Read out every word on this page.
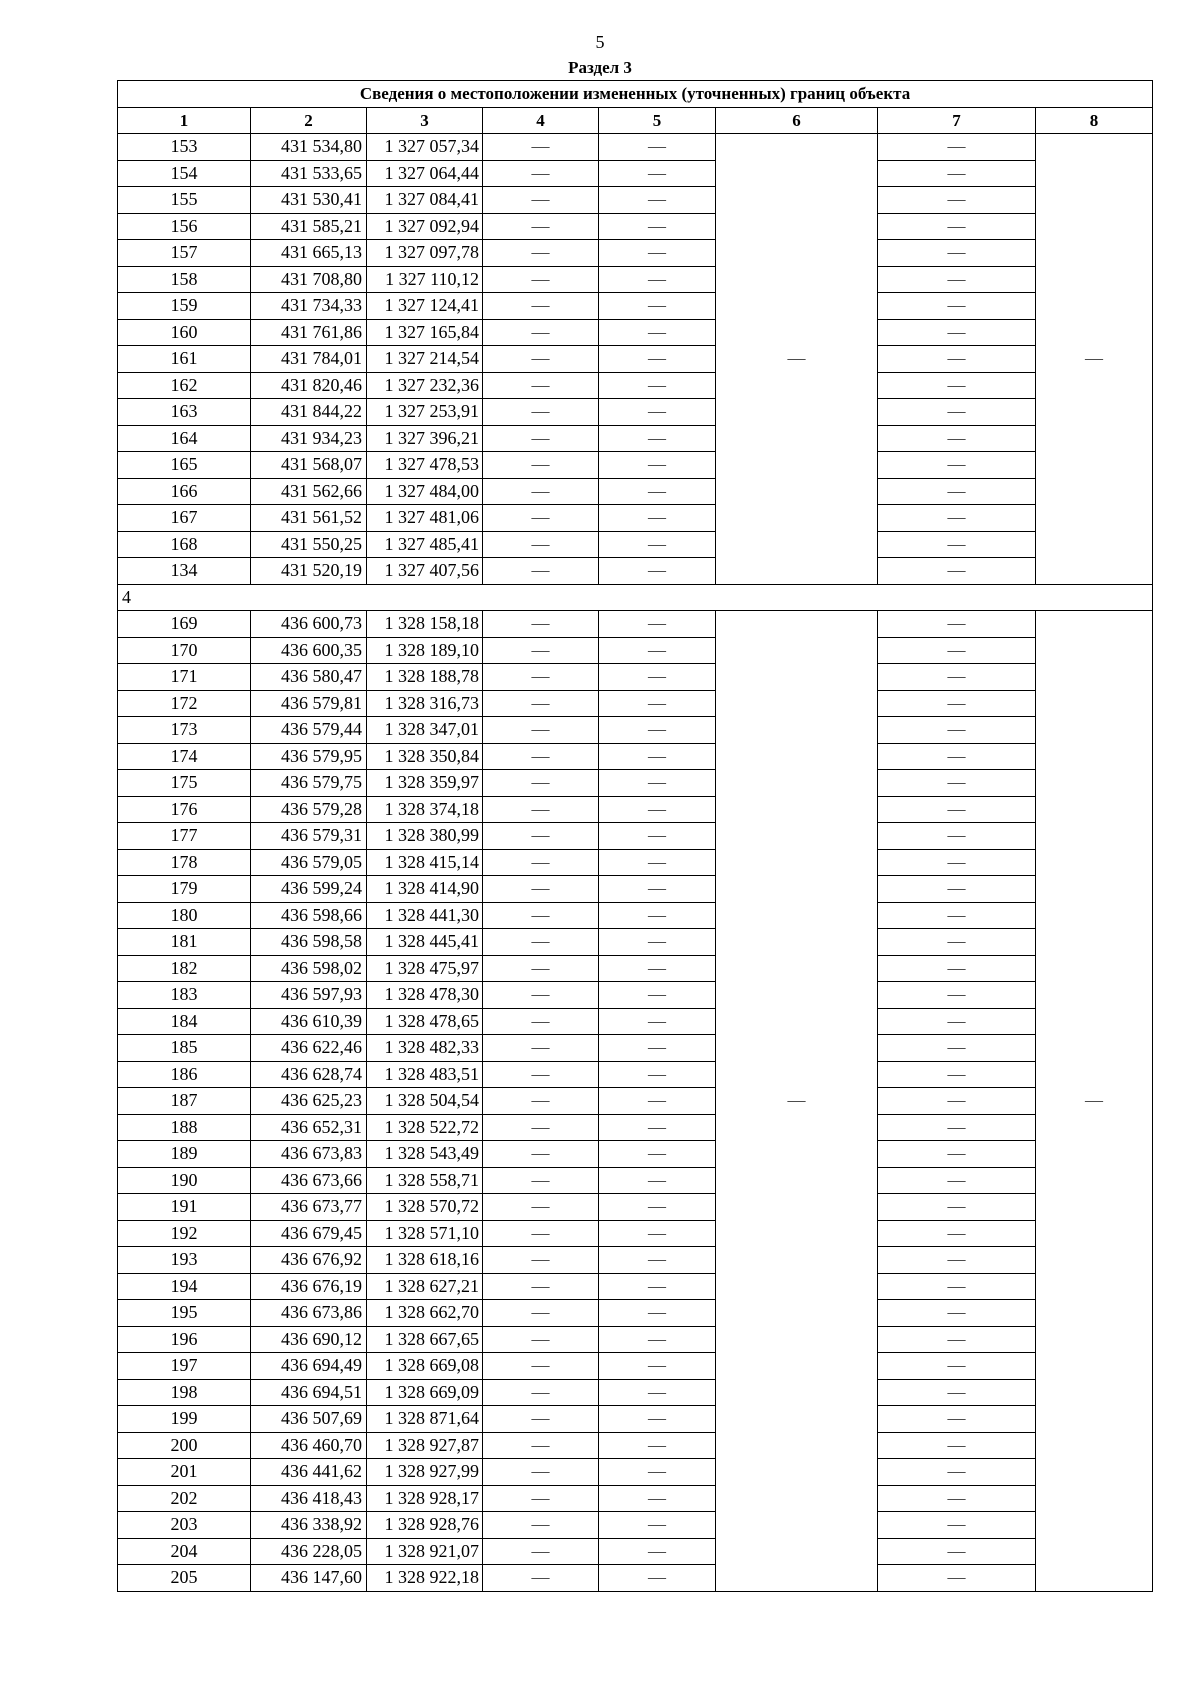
5
Раздел 3
Сведения о местоположении измененных (уточненных) границ объекта							
1	2	3	4	5	6	7	8
153	431 534,80	1 327 057,34	—	—	—	—	—
154	431 533,65	1 327 064,44	—	—		—	
155	431 530,41	1 327 084,41	—	—		—	
156	431 585,21	1 327 092,94	—	—		—	
157	431 665,13	1 327 097,78	—	—		—	
158	431 708,80	1 327 110,12	—	—		—	
159	431 734,33	1 327 124,41	—	—		—	
160	431 761,86	1 327 165,84	—	—		—	
161	431 784,01	1 327 214,54	—	—		—	
162	431 820,46	1 327 232,36	—	—		—	
163	431 844,22	1 327 253,91	—	—		—	
164	431 934,23	1 327 396,21	—	—		—	
165	431 568,07	1 327 478,53	—	—		—	
166	431 562,66	1 327 484,00	—	—		—	
167	431 561,52	1 327 481,06	—	—		—	
168	431 550,25	1 327 485,41	—	—		—	
134	431 520,19	1 327 407,56	—	—		—	
4							
169	436 600,73	1 328 158,18	—	—	—	—	—
170	436 600,35	1 328 189,10	—	—		—	
171	436 580,47	1 328 188,78	—	—		—	
172	436 579,81	1 328 316,73	—	—		—	
173	436 579,44	1 328 347,01	—	—		—	
174	436 579,95	1 328 350,84	—	—		—	
175	436 579,75	1 328 359,97	—	—		—	
176	436 579,28	1 328 374,18	—	—		—	
177	436 579,31	1 328 380,99	—	—		—	
178	436 579,05	1 328 415,14	—	—		—	
179	436 599,24	1 328 414,90	—	—		—	
180	436 598,66	1 328 441,30	—	—		—	
181	436 598,58	1 328 445,41	—	—		—	
182	436 598,02	1 328 475,97	—	—		—	
183	436 597,93	1 328 478,30	—	—		—	
184	436 610,39	1 328 478,65	—	—		—	
185	436 622,46	1 328 482,33	—	—		—	
186	436 628,74	1 328 483,51	—	—		—	
187	436 625,23	1 328 504,54	—	—		—	
188	436 652,31	1 328 522,72	—	—		—	
189	436 673,83	1 328 543,49	—	—		—	
190	436 673,66	1 328 558,71	—	—		—	
191	436 673,77	1 328 570,72	—	—		—	
192	436 679,45	1 328 571,10	—	—		—	
193	436 676,92	1 328 618,16	—	—		—	
194	436 676,19	1 328 627,21	—	—		—	
195	436 673,86	1 328 662,70	—	—		—	
196	436 690,12	1 328 667,65	—	—		—	
197	436 694,49	1 328 669,08	—	—		—	
198	436 694,51	1 328 669,09	—	—		—	
199	436 507,69	1 328 871,64	—	—		—	
200	436 460,70	1 328 927,87	—	—		—	
201	436 441,62	1 328 927,99	—	—		—	
202	436 418,43	1 328 928,17	—	—		—	
203	436 338,92	1 328 928,76	—	—		—	
204	436 228,05	1 328 921,07	—	—		—	
205	436 147,60	1 328 922,18	—	—		—	
